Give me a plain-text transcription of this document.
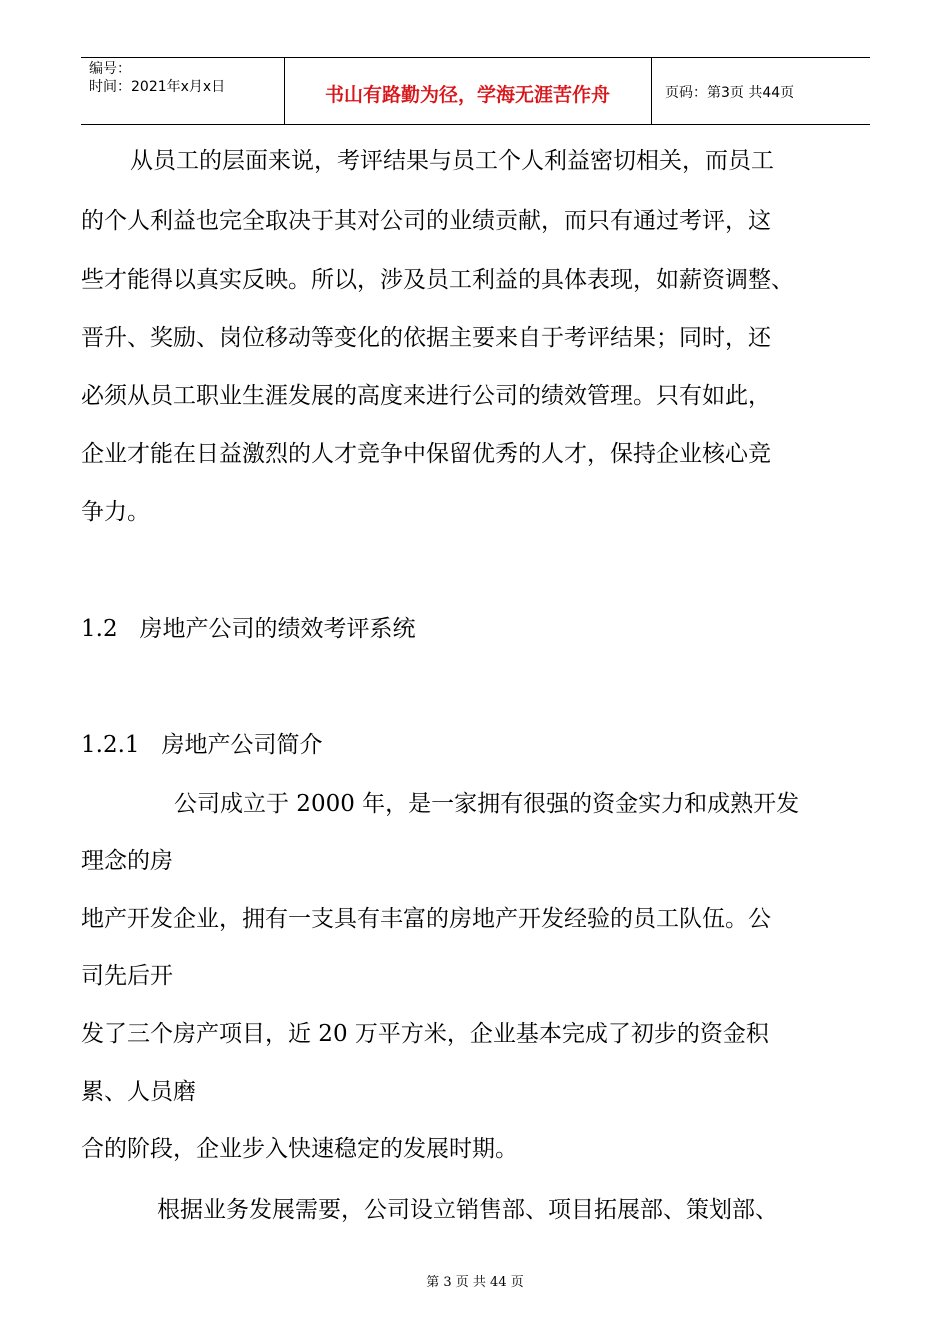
编号：
时间：2021年x月x日	书山有路勤为径，学海无涯苦作舟	页码：第3页 共44页
从员工的层面来说，考评结果与员工个人利益密切相关，而员工
的个人利益也完全取决于其对公司的业绩贡献，而只有通过考评，这
些才能得以真实反映。所以，涉及员工利益的具体表现，如薪资调整、
晋升、奖励、岗位移动等变化的依据主要来自于考评结果；同时，还
必须从员工职业生涯发展的高度来进行公司的绩效管理。只有如此，
企业才能在日益激烈的人才竞争中保留优秀的人才，保持企业核心竞
争力。
1.2   房地产公司的绩效考评系统
1.2.1   房地产公司简介
公司成立于 2000 年，是一家拥有很强的资金实力和成熟开发
理念的房
地产开发企业，拥有一支具有丰富的房地产开发经验的员工队伍。公
司先后开
发了三个房产项目，近 20 万平方米，企业基本完成了初步的资金积
累、人员磨
合的阶段，企业步入快速稳定的发展时期。
根据业务发展需要，公司设立销售部、项目拓展部、策划部、
第 3 页 共 44 页
